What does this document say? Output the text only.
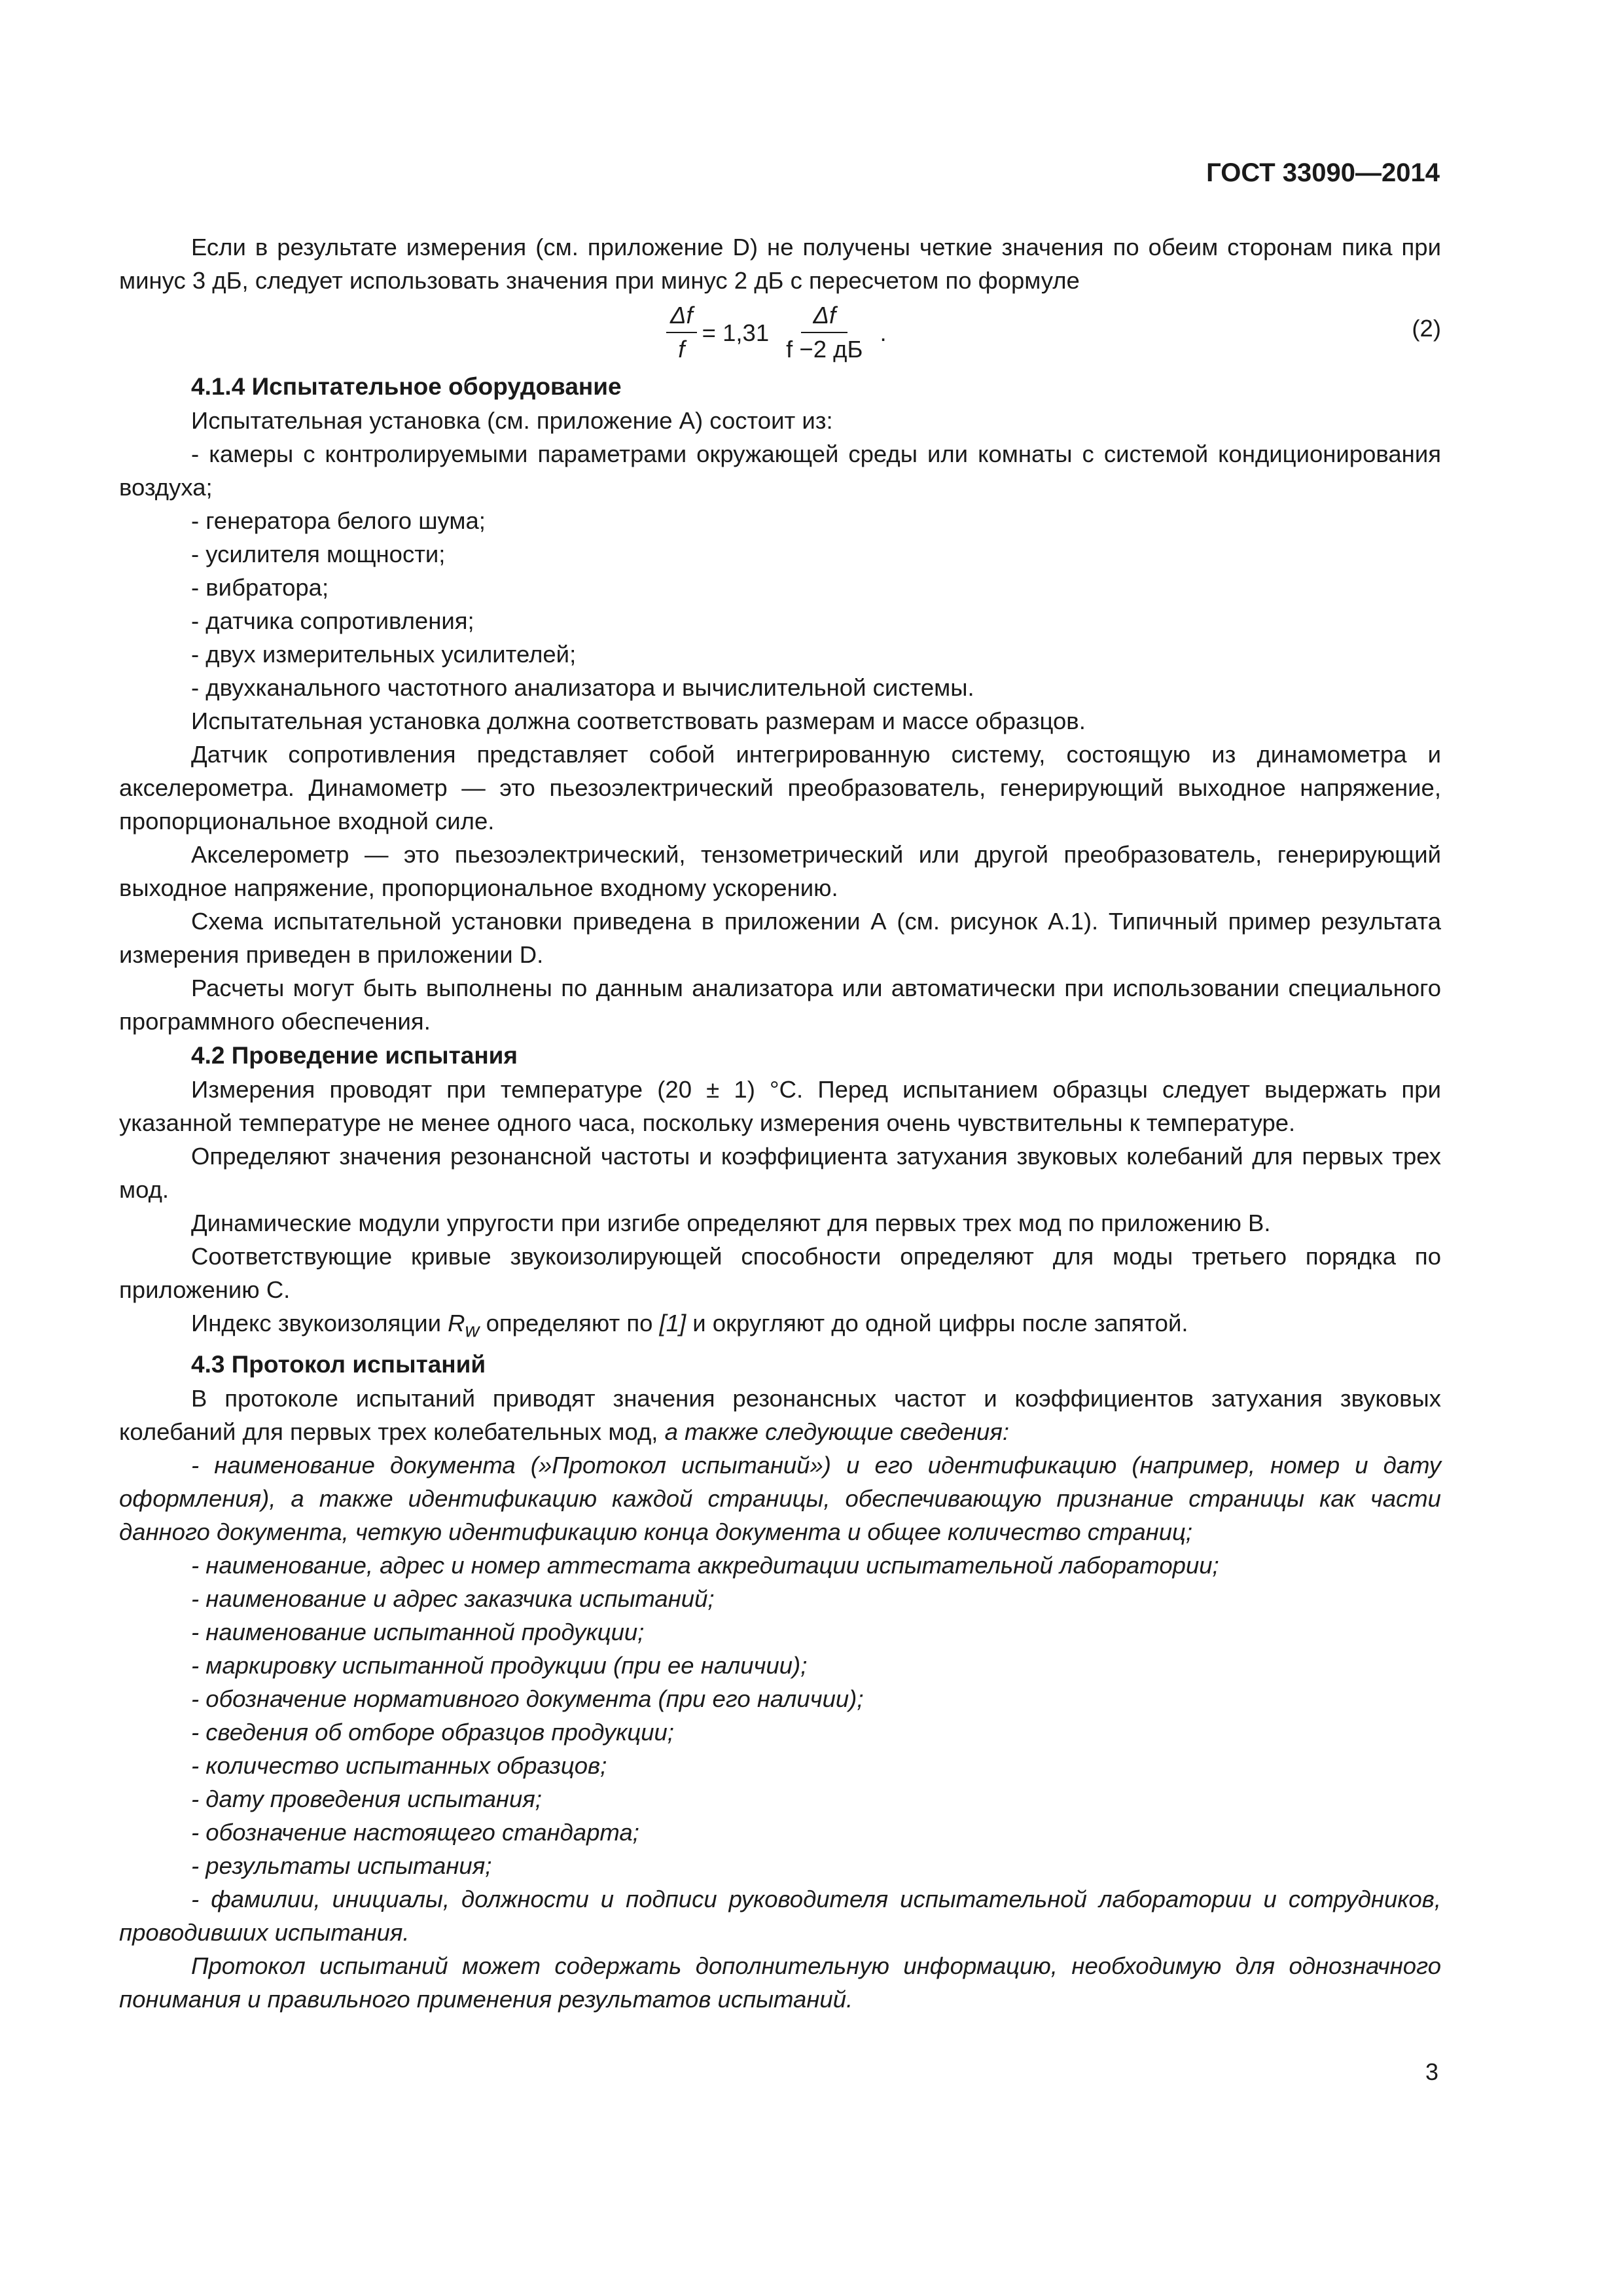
ГОСТ 33090—2014

Если в результате измерения (см. приложение D) не получены четкие значения по обеим сторонам пика при минус 3 дБ, следует использовать значения при минус 2 дБ с пересчетом по формуле

$\frac{\Delta f}{f} = 1,31 \frac{\Delta f}{f -2 дБ}$ .	(2)
4.1.4 Испытательное оборудование

Испытательная установка (см. приложение А) состоит из:

- камеры с контролируемыми параметрами окружающей среды или комнаты с системой кондиционирования воздуха;

- генератора белого шума;

- усилителя мощности;

- вибратора;

- датчика сопротивления;

- двух измерительных усилителей;

- двухканального частотного анализатора и вычислительной системы.

Испытательная установка должна соответствовать размерам и массе образцов.

Датчик сопротивления представляет собой интегрированную систему, состоящую из динамометра и акселерометра. Динамометр — это пьезоэлектрический преобразователь, генерирующий выходное напряжение, пропорциональное входной силе.

Акселерометр — это пьезоэлектрический, тензометрический или другой преобразователь, генерирующий выходное напряжение, пропорциональное входному ускорению.

Схема испытательной установки приведена в приложении А (см. рисунок А.1). Типичный пример результата измерения приведен в приложении D.

Расчеты могут быть выполнены по данным анализатора или автоматически при использовании специального программного обеспечения.

4.2 Проведение испытания

Измерения проводят при температуре (20 ± 1) °С. Перед испытанием образцы следует выдержать при указанной температуре не менее одного часа, поскольку измерения очень чувствительны к температуре.

Определяют значения резонансной частоты и коэффициента затухания звуковых колебаний для первых трех мод.

Динамические модули упругости при изгибе определяют для первых трех мод по приложению В.

Соответствующие кривые звукоизолирующей способности определяют для моды третьего порядка по приложению С.

Индекс звукоизоляции $R_w$ определяют по [1] и округляют до одной цифры после запятой.

4.3 Протокол испытаний

В протоколе испытаний приводят значения резонансных частот и коэффициентов затухания звуковых колебаний для первых трех колебательных мод, а также следующие сведения:

- наименование документа (»Протокол испытаний») и его идентификацию (например, номер и дату оформления), а также идентификацию каждой страницы, обеспечивающую признание страницы как части данного документа, четкую идентификацию конца документа и общее количество страниц;

- наименование, адрес и номер аттестата аккредитации испытательной лаборатории;

- наименование и адрес заказчика испытаний;

- наименование испытанной продукции;

- маркировку испытанной продукции (при ее наличии);

- обозначение нормативного документа (при его наличии);

- сведения об отборе образцов продукции;

- количество испытанных образцов;

- дату проведения испытания;

- обозначение настоящего стандарта;

- результаты испытания;

- фамилии, инициалы, должности и подписи руководителя испытательной лаборатории и сотрудников, проводивших испытания.

Протокол испытаний может содержать дополнительную информацию, необходимую для однозначного понимания и правильного применения результатов испытаний.

3
